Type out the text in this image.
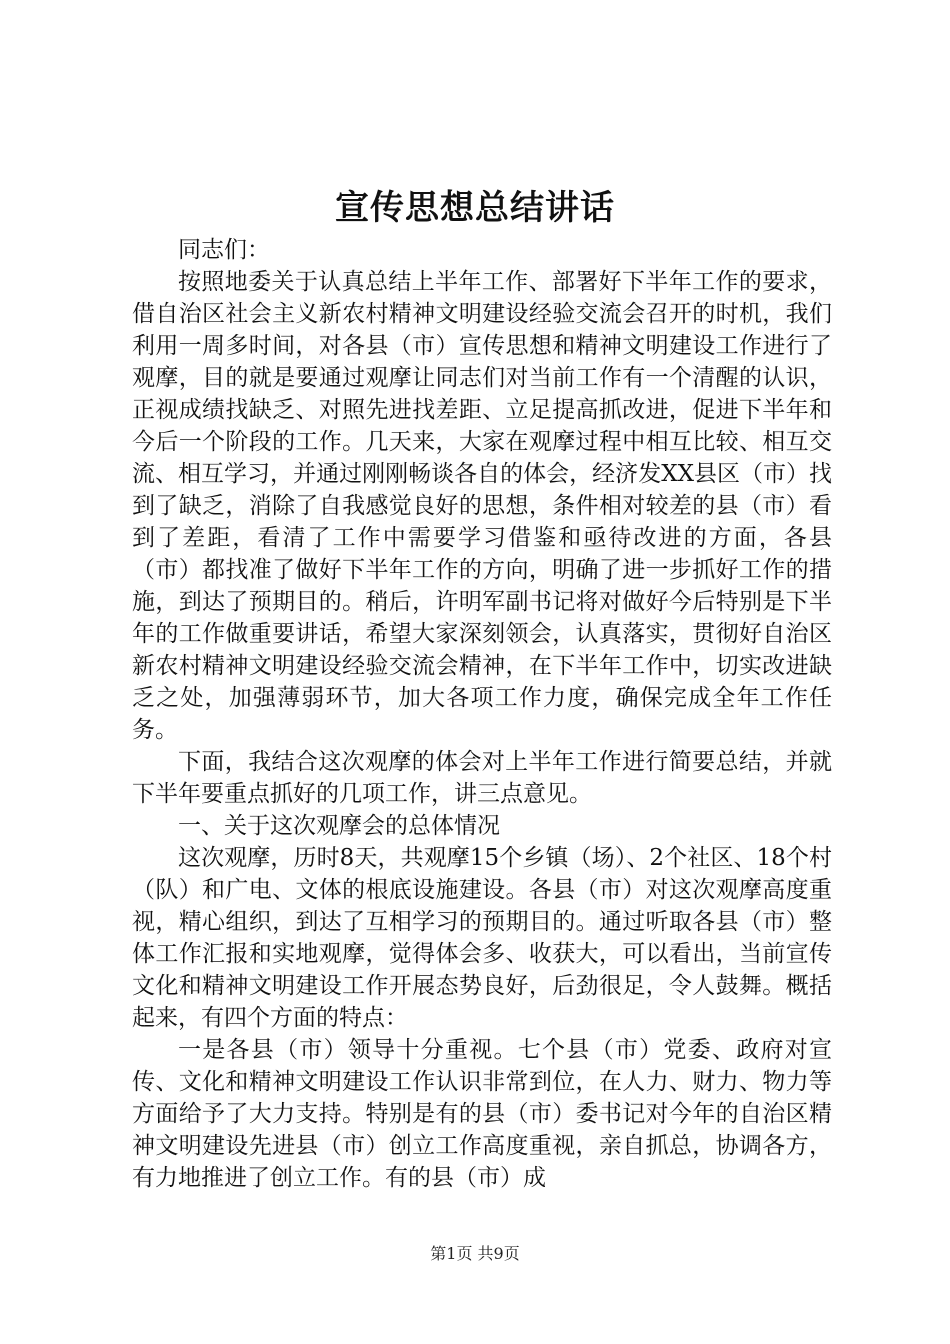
宣传思想总结讲话

同志们：

按照地委关于认真总结上半年工作、部署好下半年工作的要求，借自治区社会主义新农村精神文明建设经验交流会召开的时机，我们利用一周多时间，对各县（市）宣传思想和精神文明建设工作进行了观摩，目的就是要通过观摩让同志们对当前工作有一个清醒的认识，正视成绩找缺乏、对照先进找差距、立足提高抓改进，促进下半年和今后一个阶段的工作。几天来，大家在观摩过程中相互比较、相互交流、相互学习，并通过刚刚畅谈各自的体会，经济发XX县区（市）找到了缺乏，消除了自我感觉良好的思想，条件相对较差的县（市）看到了差距，看清了工作中需要学习借鉴和亟待改进的方面，各县（市）都找准了做好下半年工作的方向，明确了进一步抓好工作的措施，到达了预期目的。稍后，许明军副书记将对做好今后特别是下半年的工作做重要讲话，希望大家深刻领会，认真落实，贯彻好自治区新农村精神文明建设经验交流会精神，在下半年工作中，切实改进缺乏之处，加强薄弱环节，加大各项工作力度，确保完成全年工作任务。

下面，我结合这次观摩的体会对上半年工作进行简要总结，并就下半年要重点抓好的几项工作，讲三点意见。

一、关于这次观摩会的总体情况

这次观摩，历时8天，共观摩15个乡镇（场）、2个社区、18个村（队）和广电、文体的根底设施建设。各县（市）对这次观摩高度重视，精心组织，到达了互相学习的预期目的。通过听取各县（市）整体工作汇报和实地观摩，觉得体会多、收获大，可以看出，当前宣传文化和精神文明建设工作开展态势良好，后劲很足，令人鼓舞。概括起来，有四个方面的特点：

一是各县（市）领导十分重视。七个县（市）党委、政府对宣传、文化和精神文明建设工作认识非常到位，在人力、财力、物力等方面给予了大力支持。特别是有的县（市）委书记对今年的自治区精神文明建设先进县（市）创立工作高度重视，亲自抓总，协调各方，有力地推进了创立工作。有的县（市）成

第1页 共9页
